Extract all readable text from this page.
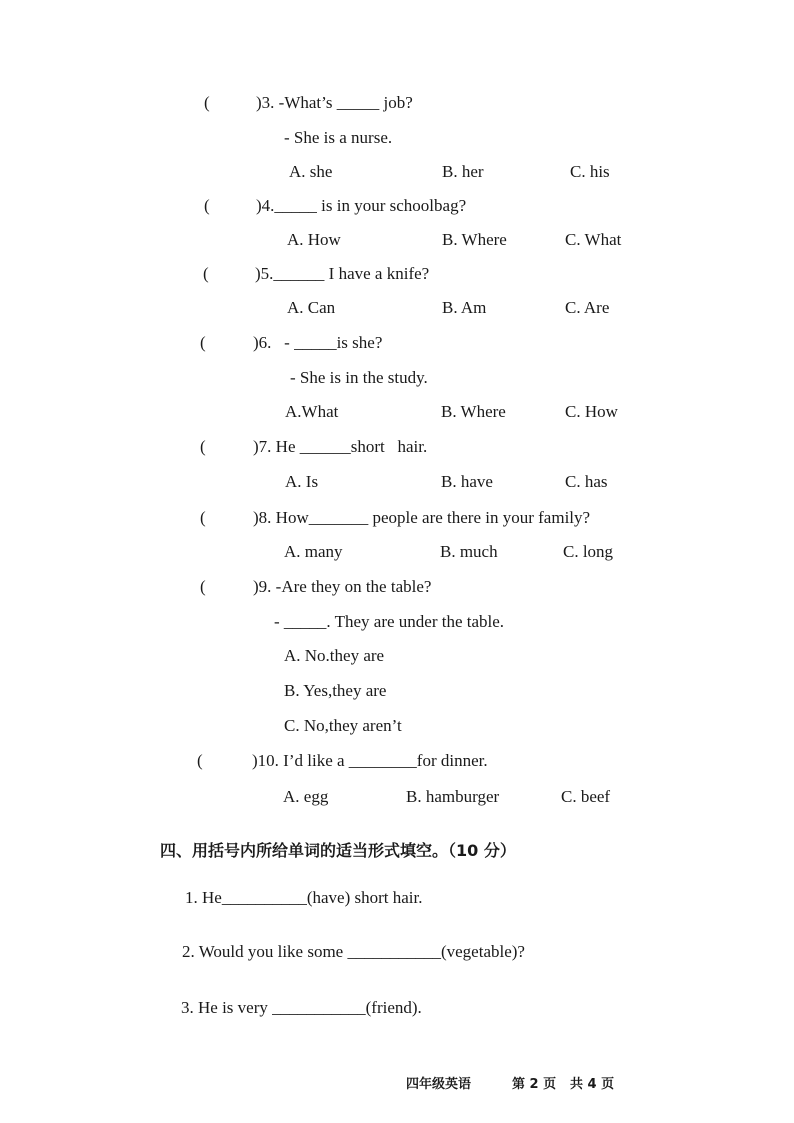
(	)3. -What’s _____ job?
- She is a nurse.
A. she	B. her	C. his
(	)4._____ is in your schoolbag?
A. How	B. Where	C. What
(	)5.______ I have a knife?
A. Can	B. Am	C. Are
(	)6.   - _____is she?
- She is in the study.
A.What	B. Where	C. How
(	)7. He ______short   hair.
A. Is	B. have	C. has
(	)8. How_______ people are there in your family?
A. many	B. much	C. long
(	)9. -Are they on the table?
- _____. They are under the table.
A. No.they are
B. Yes,they are
C. No,they aren’t
(	)10. I’d like a ________for dinner.
A. egg	B. hamburger	C. beef
四、用括号内所给单词的适当形式填空。（10 分）
1. He__________(have) short hair.
2. Would you like some ___________(vegetable)?
3. He is very ___________(friend).
四年级英语	第 2 页 共 4 页
